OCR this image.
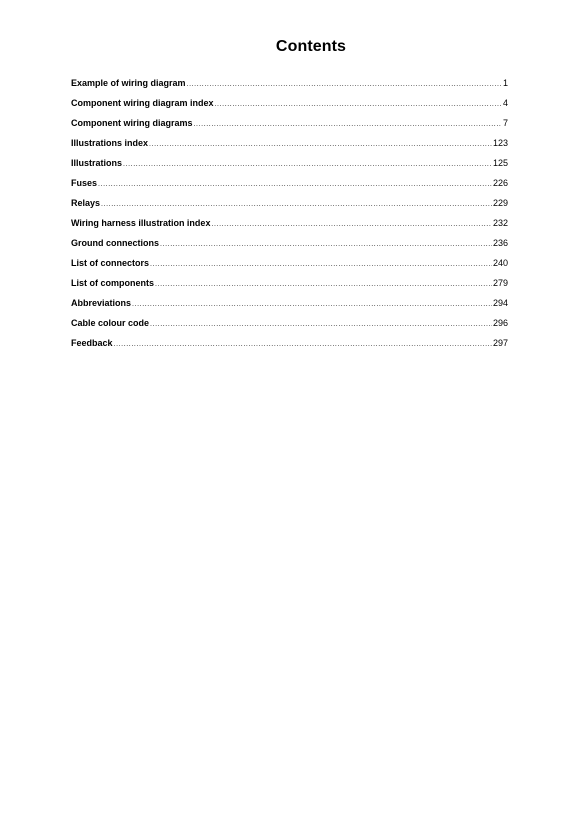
Contents
Example of wiring diagram .....	1
Component wiring diagram index .....	4
Component wiring diagrams .....	7
Illustrations index .....	123
Illustrations .....	125
Fuses .....	226
Relays .....	229
Wiring harness illustration index .....	232
Ground connections .....	236
List of connectors .....	240
List of components .....	279
Abbreviations .....	294
Cable colour code .....	296
Feedback .....	297
